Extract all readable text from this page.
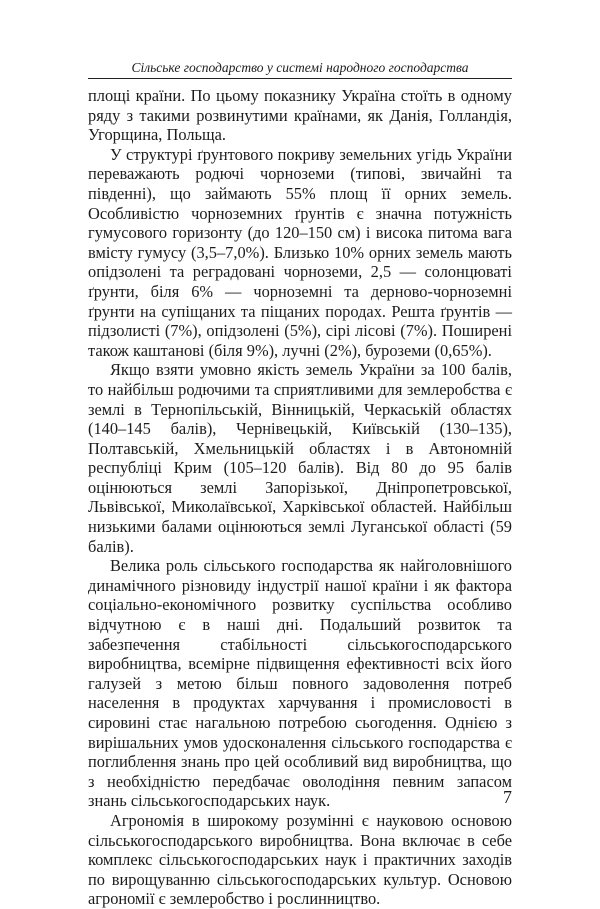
Сільське господарство у системі народного господарства

площі країни. По цьому показнику Україна стоїть в одному ряду з такими розвинутими країнами, як Данія, Голландія, Угорщина, Польща.

У структурі ґрунтового покриву земельних угідь України переважають родючі чорноземи (типові, звичайні та південні), що займають 55% площ її орних земель. Особливістю чорноземних ґрунтів є значна потужність гумусового горизонту (до 120–150 см) і висока питома вага вмісту гумусу (3,5–7,0%). Близько 10% орних земель мають опідзолені та реградовані чорноземи, 2,5 — солонцюваті ґрунти, біля 6% — чорноземні та дерново-чорноземні ґрунти на супіщаних та піщаних породах. Решта ґрунтів — підзолисті (7%), опідзолені (5%), сірі лісові (7%). Поширені також каштанові (біля 9%), лучні (2%), буроземи (0,65%).

Якщо взяти умовно якість земель України за 100 балів, то найбільш родючими та сприятливими для землеробства є землі в Тернопільській, Вінницькій, Черкаській областях (140–145 балів), Чернівецькій, Київській (130–135), Полтавській, Хмельницькій областях і в Автономній республіці Крим (105–120 балів). Від 80 до 95 балів оцінюються землі Запорізької, Дніпропетровської, Львівської, Миколаївської, Харківської областей. Найбільш низькими балами оцінюються землі Луганської області (59 балів).

Велика роль сільського господарства як найголовнішого динамічного різновиду індустрії нашої країни і як фактора соціально-економічного розвитку суспільства особливо відчутною є в наші дні. Подальший розвиток та забезпечення стабільності сільськогосподарського виробництва, всемірне підвищення ефективності всіх його галузей з метою більш повного задоволення потреб населення в продуктах харчування і промисловості в сировині стає нагальною потребою сьогодення. Однією з вирішальних умов удосконалення сільського господарства є поглиблення знань про цей особливий вид виробництва, що з необхідністю передбачає оволодіння певним запасом знань сільськогосподарських наук.

Агрономія в широкому розумінні є науковою основою сільськогосподарського виробництва. Вона включає в себе комплекс сільськогосподарських наук і практичних заходів по вирощуванню сільськогосподарських культур. Основою агрономії є землеробство і рослинництво.

7
